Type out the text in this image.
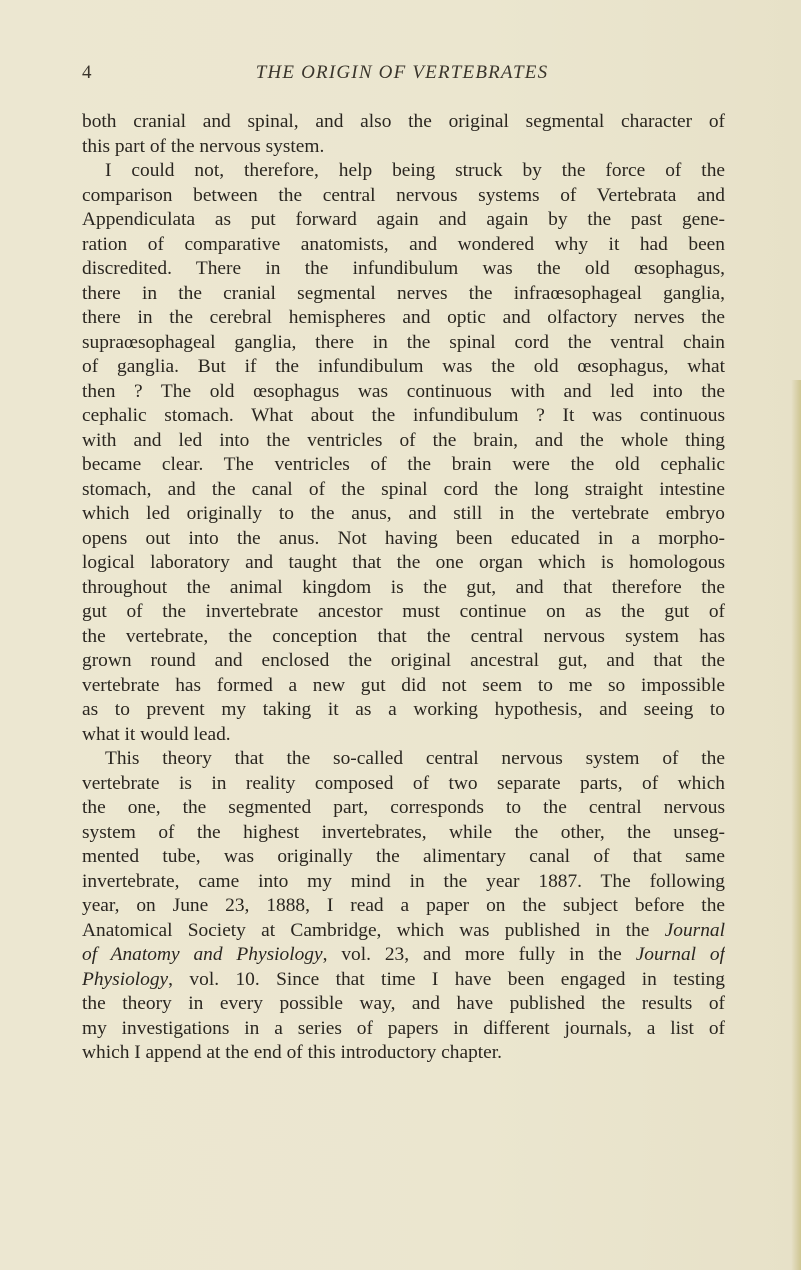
4	THE ORIGIN OF VERTEBRATES
both cranial and spinal, and also the original segmental character of
this part of the nervous system.
I could not, therefore, help being struck by the force of the
comparison between the central nervous systems of Vertebrata and
Appendiculata as put forward again and again by the past gene-
ration of comparative anatomists, and wondered why it had been
discredited. There in the infundibulum was the old œsophagus,
there in the cranial segmental nerves the infraœsophageal ganglia,
there in the cerebral hemispheres and optic and olfactory nerves the
supraœsophageal ganglia, there in the spinal cord the ventral chain
of ganglia. But if the infundibulum was the old œsophagus, what
then ? The old œsophagus was continuous with and led into the
cephalic stomach. What about the infundibulum ? It was continuous
with and led into the ventricles of the brain, and the whole thing
became clear. The ventricles of the brain were the old cephalic
stomach, and the canal of the spinal cord the long straight intestine
which led originally to the anus, and still in the vertebrate embryo
opens out into the anus. Not having been educated in a morpho-
logical laboratory and taught that the one organ which is homologous
throughout the animal kingdom is the gut, and that therefore the
gut of the invertebrate ancestor must continue on as the gut of
the vertebrate, the conception that the central nervous system has
grown round and enclosed the original ancestral gut, and that the
vertebrate has formed a new gut did not seem to me so impossible
as to prevent my taking it as a working hypothesis, and seeing to
what it would lead.
This theory that the so-called central nervous system of the
vertebrate is in reality composed of two separate parts, of which
the one, the segmented part, corresponds to the central nervous
system of the highest invertebrates, while the other, the unseg-
mented tube, was originally the alimentary canal of that same
invertebrate, came into my mind in the year 1887. The following
year, on June 23, 1888, I read a paper on the subject before the
Anatomical Society at Cambridge, which was published in the Journal
of Anatomy and Physiology, vol. 23, and more fully in the Journal of
Physiology, vol. 10. Since that time I have been engaged in testing
the theory in every possible way, and have published the results of
my investigations in a series of papers in different journals, a list of
which I append at the end of this introductory chapter.
